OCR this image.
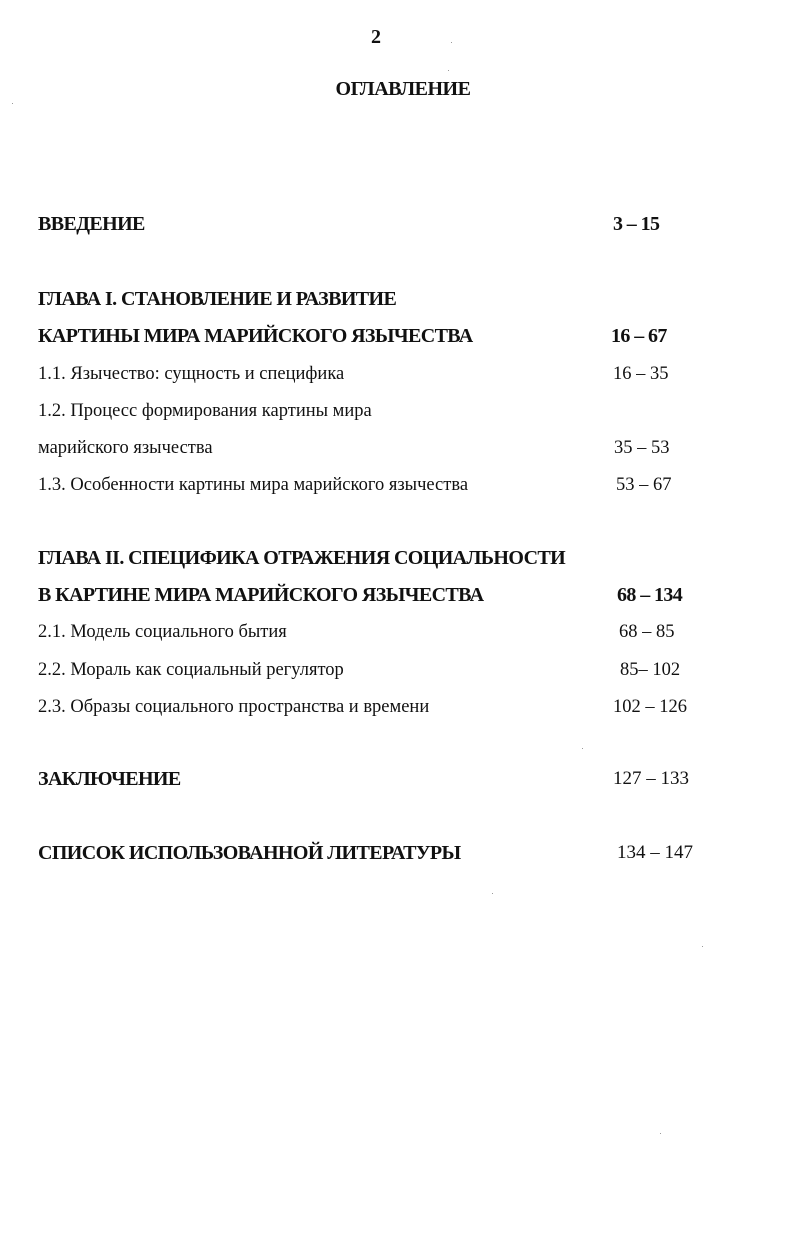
2
ОГЛАВЛЕНИЕ
ВВЕДЕНИЕ	3 – 15
ГЛАВА I. СТАНОВЛЕНИЕ И РАЗВИТИЕ
КАРТИНЫ МИРА МАРИЙСКОГО ЯЗЫЧЕСТВА	16 – 67
1.1. Язычество: сущность и специфика	16 – 35
1.2. Процесс формирования картины мира
марийского язычества	35 – 53
1.3. Особенности картины мира марийского язычества	53 – 67
ГЛАВА II. СПЕЦИФИКА ОТРАЖЕНИЯ СОЦИАЛЬНОСТИ
В КАРТИНЕ МИРА МАРИЙСКОГО ЯЗЫЧЕСТВА	68 – 134
2.1. Модель социального бытия	68 – 85
2.2. Мораль как социальный регулятор	85– 102
2.3. Образы социального пространства и времени	102 – 126
ЗАКЛЮЧЕНИЕ	127 – 133
СПИСОК ИСПОЛЬЗОВАННОЙ ЛИТЕРАТУРЫ	134 – 147
